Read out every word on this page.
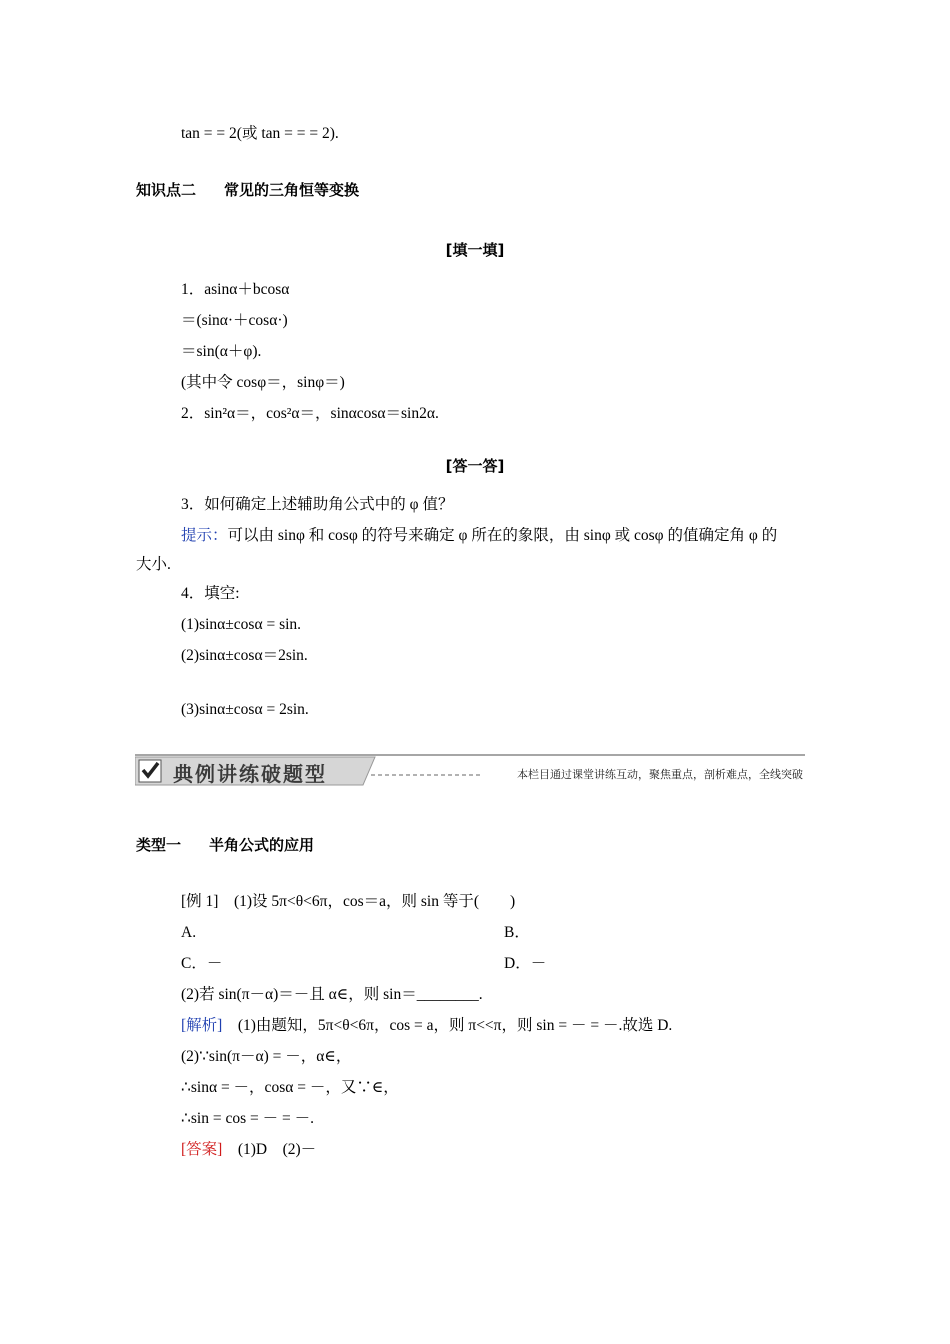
tan = = 2(或 tan = = = 2).
知识点二 常见的三角恒等变换
[填一填]
1．asinα＋bcosα
＝(sinα·＋cosα·)
＝sin(α＋φ).
(其中令 cosφ＝，sinφ＝)
2．sin²α＝，cos²α＝，sinαcosα＝sin2α.
[答一答]
3．如何确定上述辅助角公式中的 φ 值？
提示：可以由 sinφ 和 cosφ 的符号来确定 φ 所在的象限，由 sinφ 或 cosφ 的值确定角 φ 的
大小.
4．填空:
(1)sinα±cosα = sin.
(2)sinα±cosα＝2sin.
(3)sinα±cosα = 2sin.
典例讲练破题型	本栏目通过课堂讲练互动，聚焦重点，剖析难点，全线突破
类型一 半角公式的应用
[例 1]　(1)设 5π<θ<6π，cos＝a，则 sin 等于(　　)
A.	B．
C．－	D．－
(2)若 sin(π－α)＝－且 α∈，则 sin＝________.
[解析]　(1)由题知，5π<θ<6π，cos = a，则 π<<π，则 sin = － = －.故选 D.
(2)∵sin(π－α) = －，α∈，
∴sinα = －，cosα = －，又∵∈，
∴sin = cos = － = －.
[答案]　(1)D　(2)－
